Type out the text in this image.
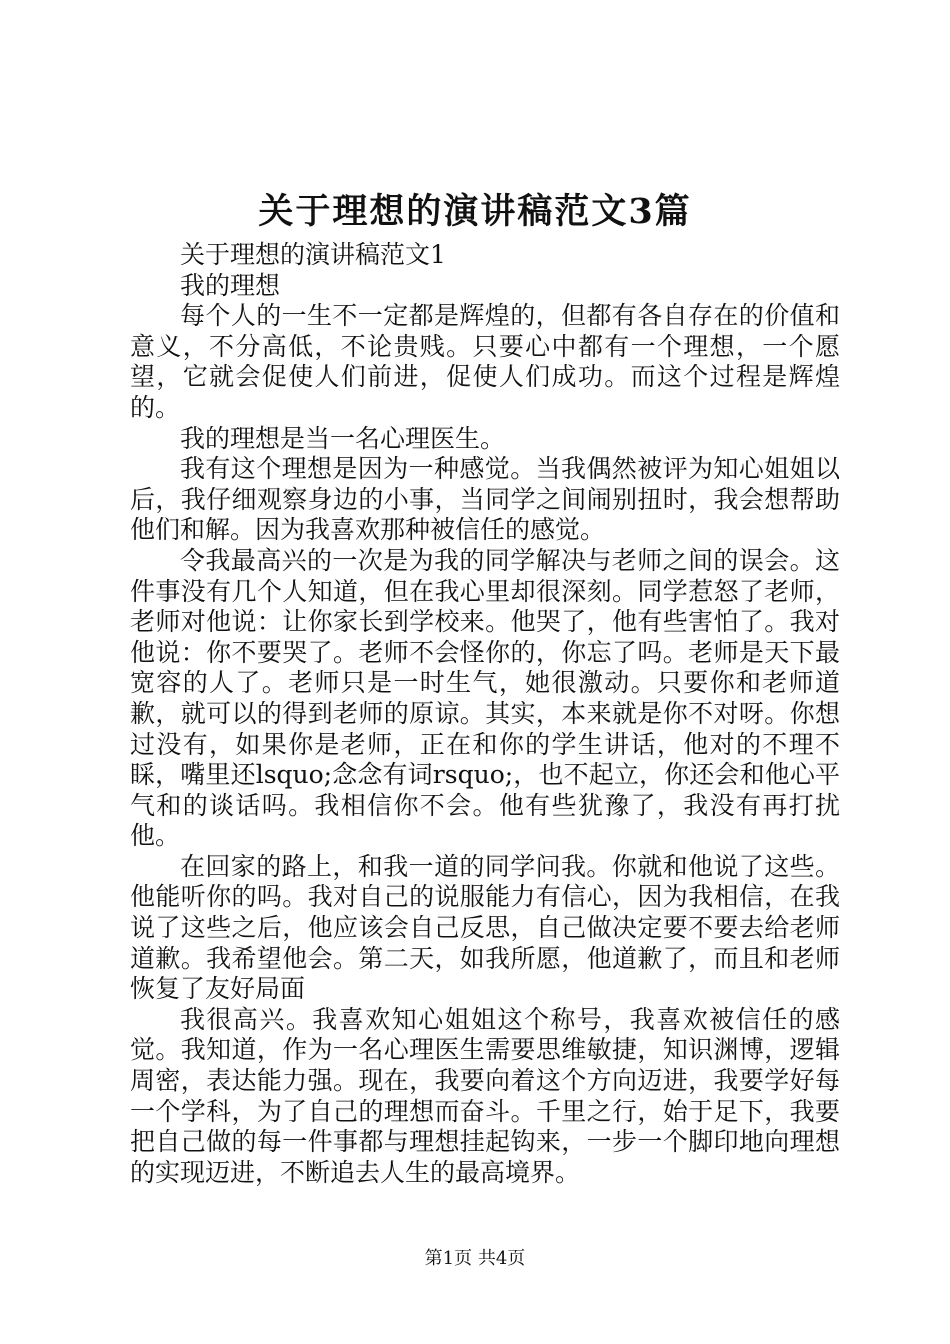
关于理想的演讲稿范文3篇

关于理想的演讲稿范文1

我的理想

每个人的一生不一定都是辉煌的，但都有各自存在的价值和意义，不分高低，不论贵贱。只要心中都有一个理想，一个愿望，它就会促使人们前进，促使人们成功。而这个过程是辉煌的。

我的理想是当一名心理医生。

我有这个理想是因为一种感觉。当我偶然被评为知心姐姐以后，我仔细观察身边的小事，当同学之间闹别扭时，我会想帮助他们和解。因为我喜欢那种被信任的感觉。

令我最高兴的一次是为我的同学解决与老师之间的误会。这件事没有几个人知道，但在我心里却很深刻。同学惹怒了老师，老师对他说：让你家长到学校来。他哭了，他有些害怕了。我对他说：你不要哭了。老师不会怪你的，你忘了吗。老师是天下最宽容的人了。老师只是一时生气，她很激动。只要你和老师道歉，就可以的得到老师的原谅。其实，本来就是你不对呀。你想过没有，如果你是老师，正在和你的学生讲话，他对的不理不睬，嘴里还lsquo;念念有词rsquo;，也不起立，你还会和他心平气和的谈话吗。我相信你不会。他有些犹豫了，我没有再打扰他。

在回家的路上，和我一道的同学问我。你就和他说了这些。他能听你的吗。我对自己的说服能力有信心，因为我相信，在我说了这些之后，他应该会自己反思，自己做决定要不要去给老师道歉。我希望他会。第二天，如我所愿，他道歉了，而且和老师恢复了友好局面

我很高兴。我喜欢知心姐姐这个称号，我喜欢被信任的感觉。我知道，作为一名心理医生需要思维敏捷，知识渊博，逻辑周密，表达能力强。现在，我要向着这个方向迈进，我要学好每一个学科，为了自己的理想而奋斗。千里之行，始于足下，我要把自己做的每一件事都与理想挂起钩来，一步一个脚印地向理想的实现迈进，不断追去人生的最高境界。

第1页 共4页
